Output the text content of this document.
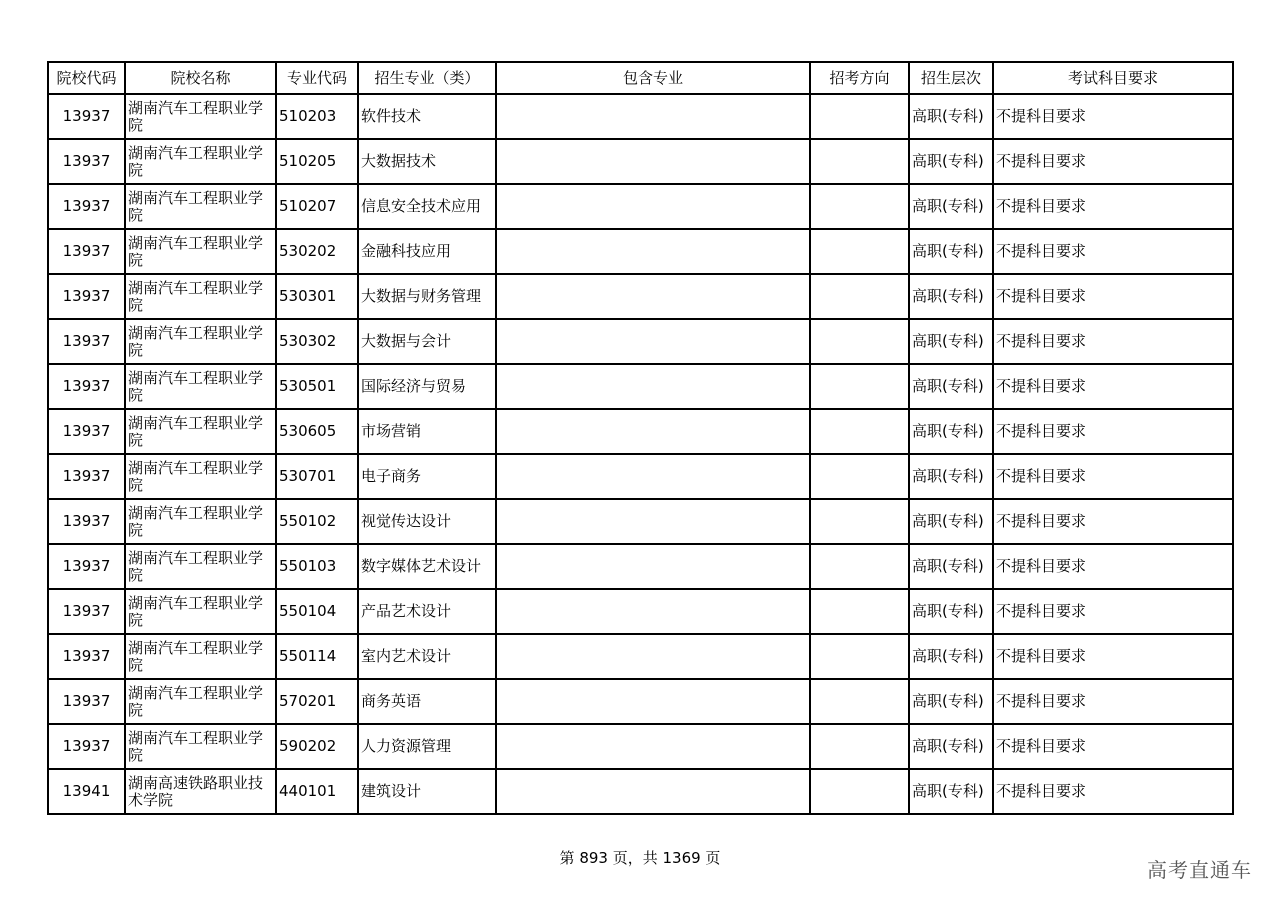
院校代码	院校名称	专业代码	招生专业（类）	包含专业	招考方向	招生层次	考试科目要求
13937	湖南汽车工程职业学院	510203	软件技术			高职(专科)	不提科目要求
13937	湖南汽车工程职业学院	510205	大数据技术			高职(专科)	不提科目要求
13937	湖南汽车工程职业学院	510207	信息安全技术应用			高职(专科)	不提科目要求
13937	湖南汽车工程职业学院	530202	金融科技应用			高职(专科)	不提科目要求
13937	湖南汽车工程职业学院	530301	大数据与财务管理			高职(专科)	不提科目要求
13937	湖南汽车工程职业学院	530302	大数据与会计			高职(专科)	不提科目要求
13937	湖南汽车工程职业学院	530501	国际经济与贸易			高职(专科)	不提科目要求
13937	湖南汽车工程职业学院	530605	市场营销			高职(专科)	不提科目要求
13937	湖南汽车工程职业学院	530701	电子商务			高职(专科)	不提科目要求
13937	湖南汽车工程职业学院	550102	视觉传达设计			高职(专科)	不提科目要求
13937	湖南汽车工程职业学院	550103	数字媒体艺术设计			高职(专科)	不提科目要求
13937	湖南汽车工程职业学院	550104	产品艺术设计			高职(专科)	不提科目要求
13937	湖南汽车工程职业学院	550114	室内艺术设计			高职(专科)	不提科目要求
13937	湖南汽车工程职业学院	570201	商务英语			高职(专科)	不提科目要求
13937	湖南汽车工程职业学院	590202	人力资源管理			高职(专科)	不提科目要求
13941	湖南高速铁路职业技术学院	440101	建筑设计			高职(专科)	不提科目要求
第 893 页，共 1369 页	高考直通车
